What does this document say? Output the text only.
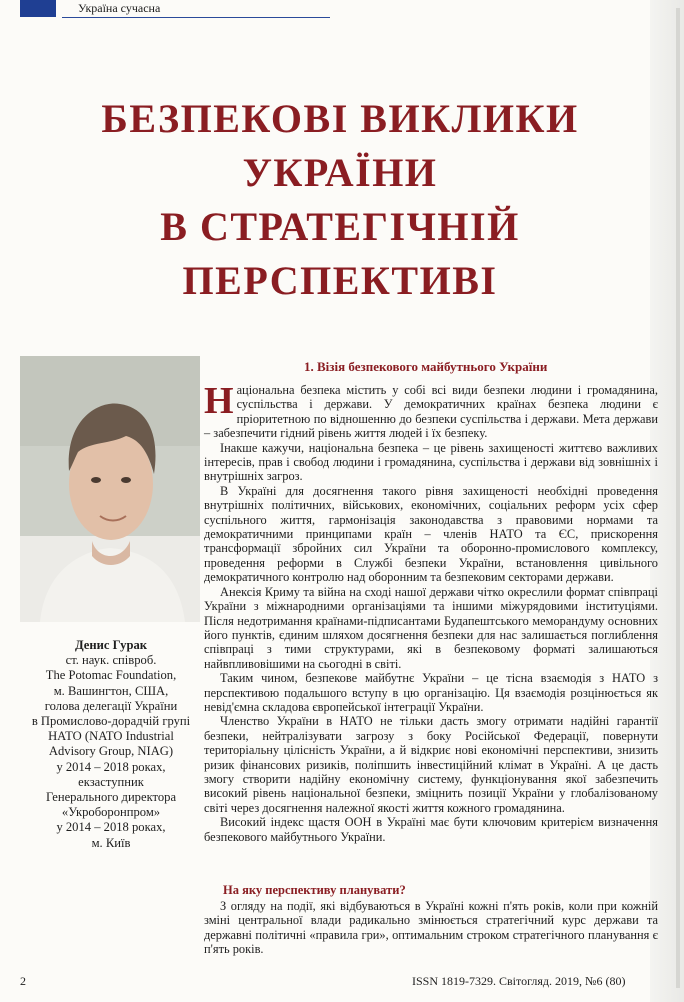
Україна сучасна
БЕЗПЕКОВІ ВИКЛИКИ
УКРАЇНИ
В СТРАТЕГІЧНІЙ
ПЕРСПЕКТИВІ
Денис Гурак
ст. наук. співроб.
The Potomac Foundation,
м. Вашингтон, США,
голова делегації України
в Промислово-дорадчій групі
НАТО (NATO Industrial
Advisory Group, NIAG)
у 2014 – 2018 роках,
екзаступник
Генерального директора
«Укроборонпром»
у 2014 – 2018 роках,
м. Київ
1. Візія безпекового майбутнього України

Національна безпека містить у собі всі види безпеки людини і громадянина, суспільства і держави. У демократичних країнах безпека людини є пріоритетною по відношенню до безпеки суспільства і держави. Мета держави – забезпечити гідний рівень життя людей і їх безпеку.

Інакше кажучи, національна безпека – це рівень захищеності життєво важливих інтересів, прав і свобод людини і громадянина, суспільства і держави від зовнішніх і внутрішніх загроз.

В Україні для досягнення такого рівня захищеності необхідні проведення внутрішніх політичних, військових, економічних, соціальних реформ усіх сфер суспільного життя, гармонізація законодавства з правовими нормами та демократичними принципами країн – членів НАТО та ЄС, прискорення трансформації збройних сил України та оборонно-промислового комплексу, проведення реформи в Службі безпеки України, встановлення цивільного демократичного контролю над оборонним та безпековим секторами держави.

Анексія Криму та війна на сході нашої держави чітко окреслили формат співпраці України з міжнародними організаціями та іншими міжурядовими інституціями. Після недотримання країнами-підписантами Будапештського меморандуму основних його пунктів, єдиним шляхом досягнення безпеки для нас залишається поглиблення співпраці з тими структурами, які в безпековому форматі залишаються найвпливовішими на сьогодні в світі.

Таким чином, безпекове майбутнє України – це тісна взаємодія з НАТО з перспективою подальшого вступу в цю організацію. Ця взаємодія розцінюється як невід'ємна складова європейської інтеграції України.

Членство України в НАТО не тільки дасть змогу отримати надійні гарантії безпеки, нейтралізувати загрозу з боку Російської Федерації, повернути територіальну цілісність України, а й відкриє нові економічні перспективи, знизить ризик фінансових ризиків, поліпшить інвестиційний клімат в Україні. А це дасть змогу створити надійну економічну систему, функціонування якої забезпечить високий рівень національної безпеки, зміцнить позиції України у глобалізованому світі через досягнення належної якості життя кожного громадянина.

Високий індекс щастя ООН в Україні має бути ключовим критерієм визначення безпекового майбутнього України.

На яку перспективу планувати?

З огляду на події, які відбуваються в Україні кожні п'ять років, коли при кожній зміні центральної влади радикально змінюється стратегічний курс держави та державні політичні «правила гри», оптимальним строком стратегічного планування є п'ять років.

2	ISSN 1819-7329. Світогляд. 2019, №6 (80)
